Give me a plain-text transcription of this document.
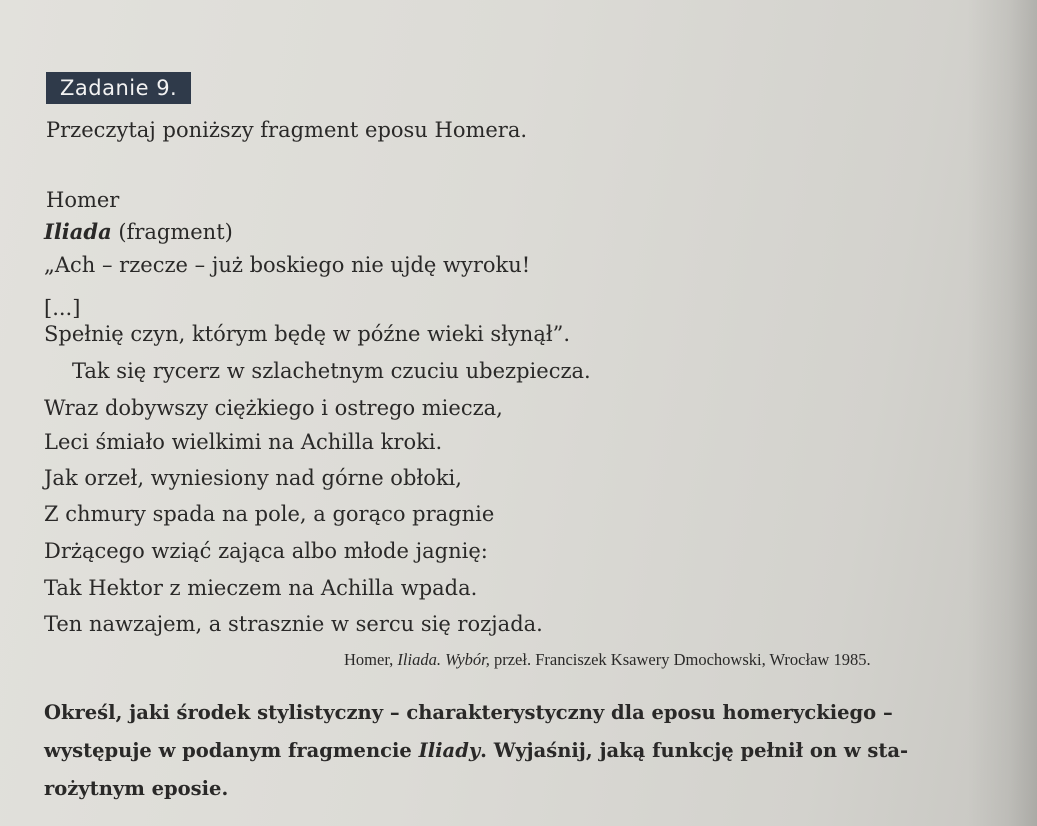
Zadanie 9.
Przeczytaj poniższy fragment eposu Homera.
Homer
Iliada (fragment)
„Ach – rzecze – już boskiego nie ujdę wyroku!
[...]
Spełnię czyn, którym będę w późne wieki słynął”.
Tak się rycerz w szlachetnym czuciu ubezpiecza.
Wraz dobywszy ciężkiego i ostrego miecza,
Leci śmiało wielkimi na Achilla kroki.
Jak orzeł, wyniesiony nad górne obłoki,
Z chmury spada na pole, a gorąco pragnie
Drżącego wziąć zająca albo młode jagnię:
Tak Hektor z mieczem na Achilla wpada.
Ten nawzajem, a strasznie w sercu się rozjada.
Homer, Iliada. Wybór, przeł. Franciszek Ksawery Dmochowski, Wrocław 1985.
Określ, jaki środek stylistyczny – charakterystyczny dla eposu homeryckiego –
występuje w podanym fragmencie Iliady. Wyjaśnij, jaką funkcję pełnił on w sta-
rożytnym eposie.
